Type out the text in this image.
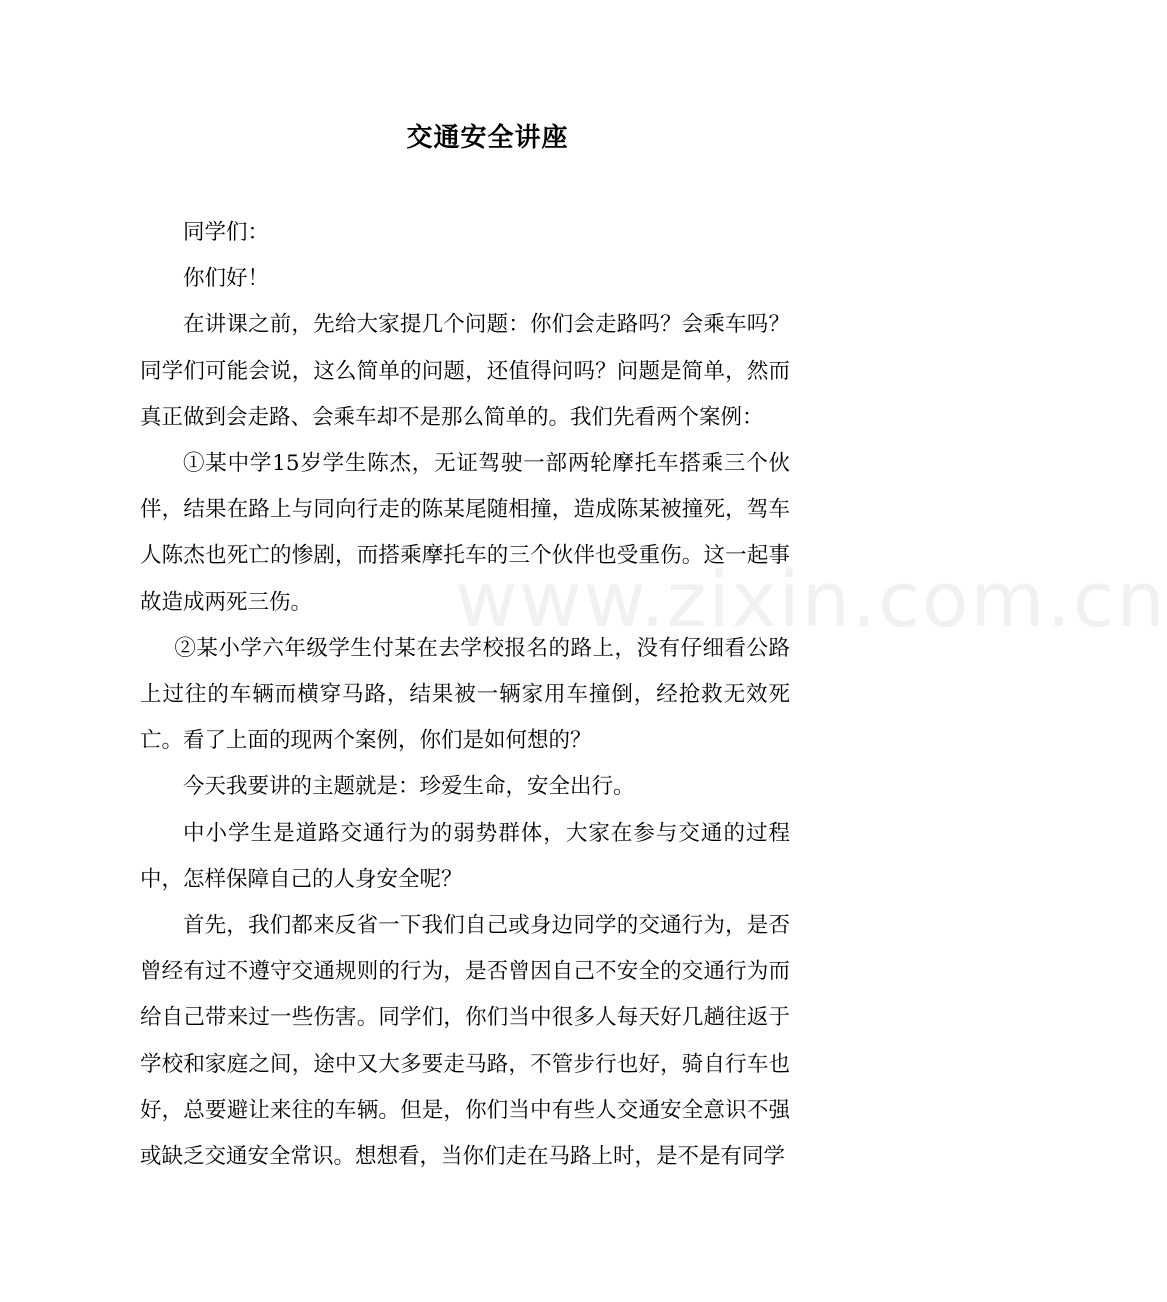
www.zixin.com.cn
交通安全讲座

同学们：

你们好！

在讲课之前，先给大家提几个问题：你们会走路吗？会乘车吗？同学们可能会说，这么简单的问题，还值得问吗？问题是简单，然而真正做到会走路、会乘车却不是那么简单的。我们先看两个案例：

①某中学15岁学生陈杰，无证驾驶一部两轮摩托车搭乘三个伙伴，结果在路上与同向行走的陈某尾随相撞，造成陈某被撞死，驾车人陈杰也死亡的惨剧，而搭乘摩托车的三个伙伴也受重伤。这一起事故造成两死三伤。

②某小学六年级学生付某在去学校报名的路上，没有仔细看公路上过往的车辆而横穿马路，结果被一辆家用车撞倒，经抢救无效死亡。看了上面的现两个案例，你们是如何想的？

今天我要讲的主题就是：珍爱生命，安全出行。

中小学生是道路交通行为的弱势群体，大家在参与交通的过程中，怎样保障自己的人身安全呢？

首先，我们都来反省一下我们自己或身边同学的交通行为，是否曾经有过不遵守交通规则的行为，是否曾因自己不安全的交通行为而给自己带来过一些伤害。同学们，你们当中很多人每天好几趟往返于学校和家庭之间，途中又大多要走马路，不管步行也好，骑自行车也好，总要避让来往的车辆。但是，你们当中有些人交通安全意识不强或缺乏交通安全常识。想想看，当你们走在马路上时，是不是有同学
